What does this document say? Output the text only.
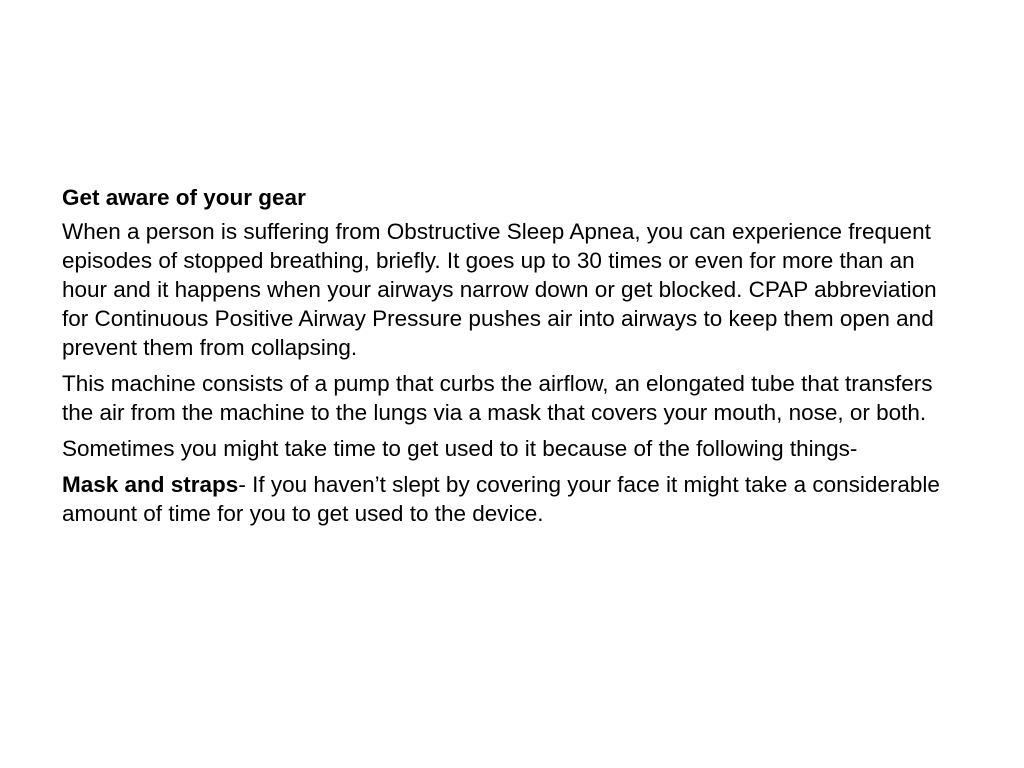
Get aware of your gear

When a person is suffering from Obstructive Sleep Apnea, you can experience frequent episodes of stopped breathing, briefly. It goes up to 30 times or even for more than an hour and it happens when your airways narrow down or get blocked. CPAP abbreviation for Continuous Positive Airway Pressure pushes air into airways to keep them open and prevent them from collapsing.

This machine consists of a pump that curbs the airflow, an elongated tube that transfers the air from the machine to the lungs via a mask that covers your mouth, nose, or both.

Sometimes you might take time to get used to it because of the following things-

Mask and straps- If you haven’t slept by covering your face it might take a considerable amount of time for you to get used to the device.
